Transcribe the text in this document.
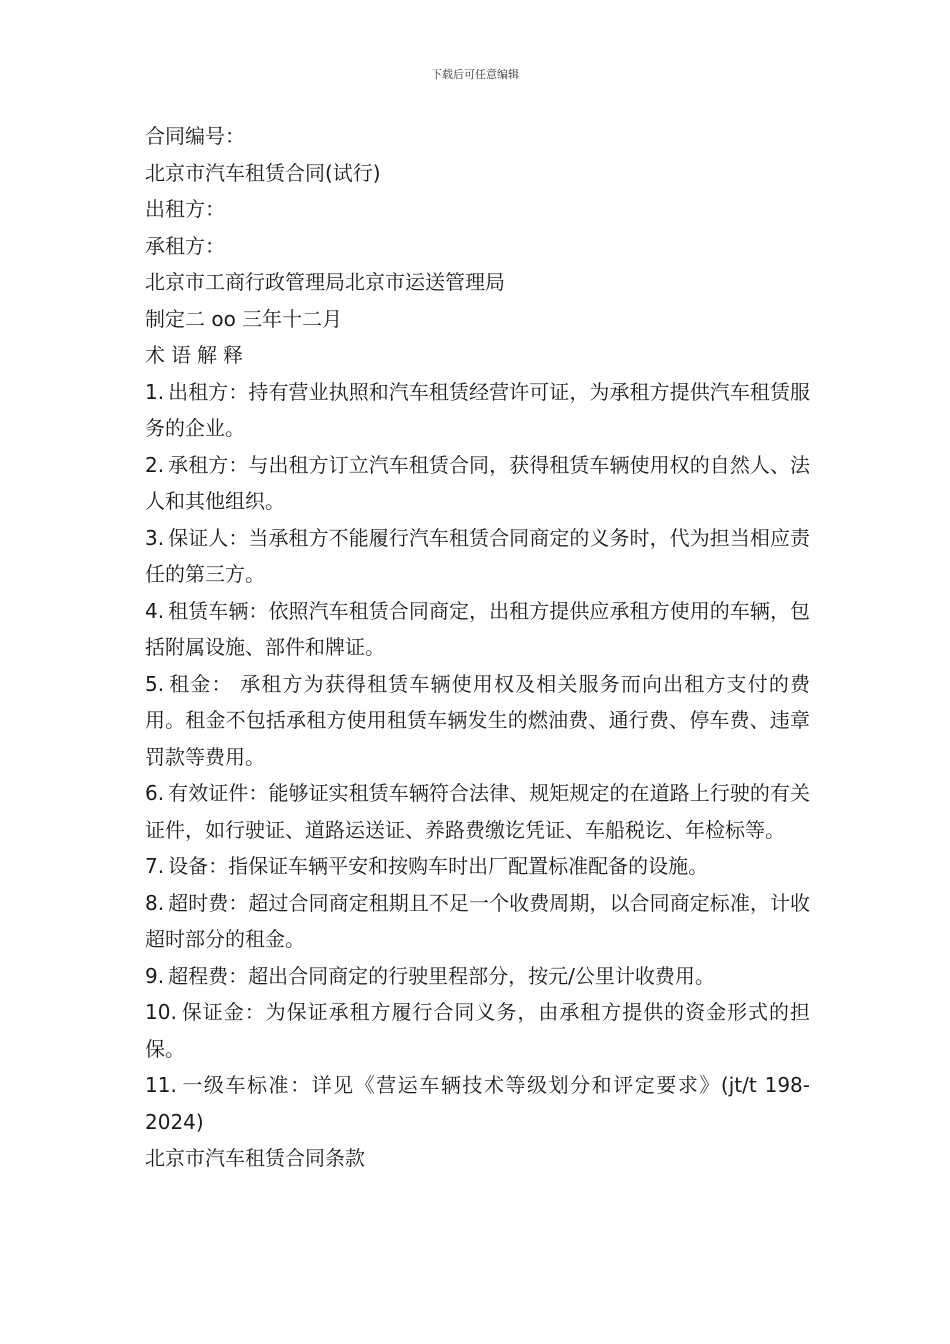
下载后可任意编辑

合同编号：

北京市汽车租赁合同(试行)

出租方：

承租方：

北京市工商行政管理局北京市运送管理局

制定二 oo 三年十二月

术语解释

1. 出租方：持有营业执照和汽车租赁经营许可证，为承租方提供汽车租赁服务的企业。

2. 承租方：与出租方订立汽车租赁合同，获得租赁车辆使用权的自然人、法人和其他组织。

3. 保证人：当承租方不能履行汽车租赁合同商定的义务时，代为担当相应责任的第三方。

4. 租赁车辆：依照汽车租赁合同商定，出租方提供应承租方使用的车辆，包括附属设施、部件和牌证。

5. 租金： 承租方为获得租赁车辆使用权及相关服务而向出租方支付的费用。租金不包括承租方使用租赁车辆发生的燃油费、通行费、停车费、违章罚款等费用。

6. 有效证件：能够证实租赁车辆符合法律、规矩规定的在道路上行驶的有关证件，如行驶证、道路运送证、养路费缴讫凭证、车船税讫、年检标等。

7. 设备：指保证车辆平安和按购车时出厂配置标准配备的设施。

8. 超时费：超过合同商定租期且不足一个收费周期，以合同商定标准，计收超时部分的租金。

9. 超程费：超出合同商定的行驶里程部分，按元/公里计收费用。

10. 保证金：为保证承租方履行合同义务，由承租方提供的资金形式的担保。

11. 一级车标准：详见《营运车辆技术等级划分和评定要求》(jt/t 198-2024)

北京市汽车租赁合同条款
